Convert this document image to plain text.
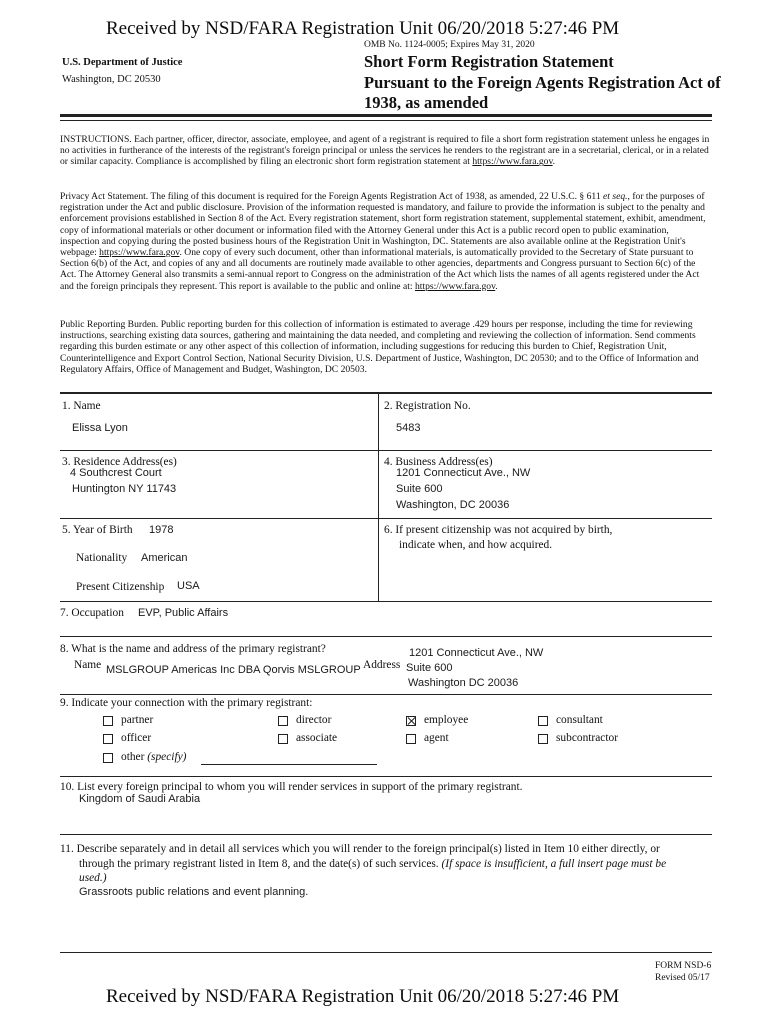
Received by NSD/FARA Registration Unit 06/20/2018 5:27:46 PM
OMB No. 1124-0005; Expires May 31, 2020
U.S. Department of Justice
Washington, DC 20530
Short Form Registration Statement
Pursuant to the Foreign Agents Registration Act of
1938, as amended
INSTRUCTIONS. Each partner, officer, director, associate, employee, and agent of a registrant is required to file a short form registration statement unless he engages in no activities in furtherance of the interests of the registrant's foreign principal or unless the services he renders to the registrant are in a secretarial, clerical, or in a related or similar capacity. Compliance is accomplished by filing an electronic short form registration statement at https://www.fara.gov.
Privacy Act Statement. The filing of this document is required for the Foreign Agents Registration Act of 1938, as amended, 22 U.S.C. § 611 et seq., for the purposes of registration under the Act and public disclosure. Provision of the information requested is mandatory, and failure to provide the information is subject to the penalty and enforcement provisions established in Section 8 of the Act. Every registration statement, short form registration statement, supplemental statement, exhibit, amendment, copy of informational materials or other document or information filed with the Attorney General under this Act is a public record open to public examination, inspection and copying during the posted business hours of the Registration Unit in Washington, DC. Statements are also available online at the Registration Unit's webpage: https://www.fara.gov. One copy of every such document, other than informational materials, is automatically provided to the Secretary of State pursuant to Section 6(b) of the Act, and copies of any and all documents are routinely made available to other agencies, departments and Congress pursuant to Section 6(c) of the Act. The Attorney General also transmits a semi-annual report to Congress on the administration of the Act which lists the names of all agents registered under the Act and the foreign principals they represent. This report is available to the public and online at: https://www.fara.gov.
Public Reporting Burden. Public reporting burden for this collection of information is estimated to average .429 hours per response, including the time for reviewing instructions, searching existing data sources, gathering and maintaining the data needed, and completing and reviewing the collection of information. Send comments regarding this burden estimate or any other aspect of this collection of information, including suggestions for reducing this burden to Chief, Registration Unit, Counterintelligence and Export Control Section, National Security Division, U.S. Department of Justice, Washington, DC 20530; and to the Office of Information and Regulatory Affairs, Office of Management and Budget, Washington, DC 20503.
1. Name
Elissa Lyon
2. Registration No.
5483
3. Residence Address(es)
4 Southcrest Court
Huntington NY 11743
4. Business Address(es)
1201 Connecticut Ave., NW
Suite 600
Washington, DC 20036
5. Year of Birth 1978
Nationality American
Present Citizenship USA
6. If present citizenship was not acquired by birth,
indicate when, and how acquired.
7. Occupation EVP, Public Affairs
8. What is the name and address of the primary registrant?
Name MSLGROUP Americas Inc DBA Qorvis MSLGROUP Address
1201 Connecticut Ave., NW
Suite 600
Washington DC 20036
9. Indicate your connection with the primary registrant:
partner
officer
other (specify)
director
associate
employee
agent
consultant
subcontractor
10. List every foreign principal to whom you will render services in support of the primary registrant.
Kingdom of Saudi Arabia
11. Describe separately and in detail all services which you will render to the foreign principal(s) listed in Item 10 either directly, or
through the primary registrant listed in Item 8, and the date(s) of such services. (If space is insufficient, a full insert page must be
used.)
Grassroots public relations and event planning.
FORM NSD-6
Revised 05/17
Received by NSD/FARA Registration Unit 06/20/2018 5:27:46 PM
